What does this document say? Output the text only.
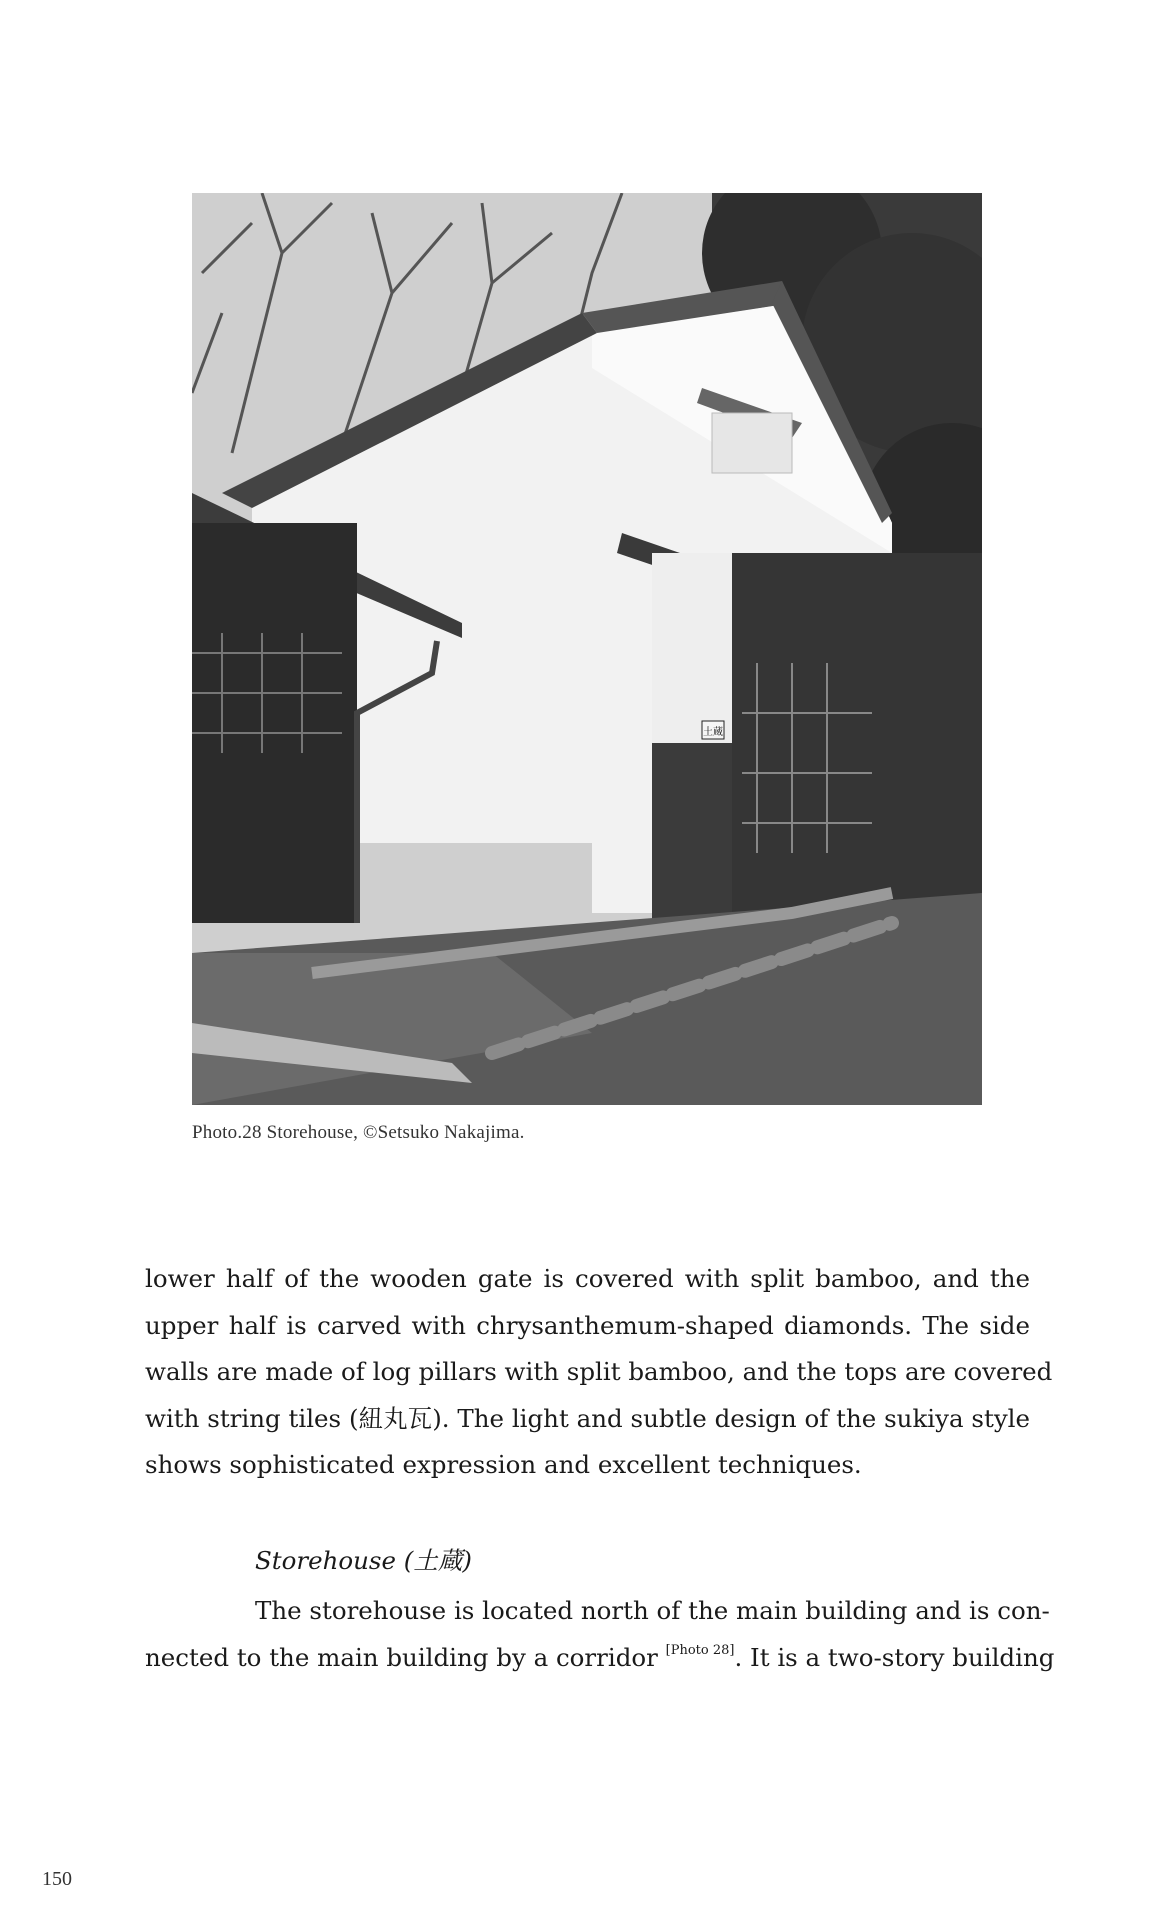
土蔵
Photo.28 Storehouse, ©Setsuko Nakajima.
lower half of the wooden gate is covered with split bamboo, and the
upper half is carved with chrysanthemum-shaped diamonds. The side
walls are made of log pillars with split bamboo, and the tops are covered
with string tiles (紐丸瓦). The light and subtle design of the sukiya style
shows sophisticated expression and excellent techniques.
Storehouse (土蔵)
The storehouse is located north of the main building and is con-
nected to the main building by a corridor [Photo 28]. It is a two-story building
150
